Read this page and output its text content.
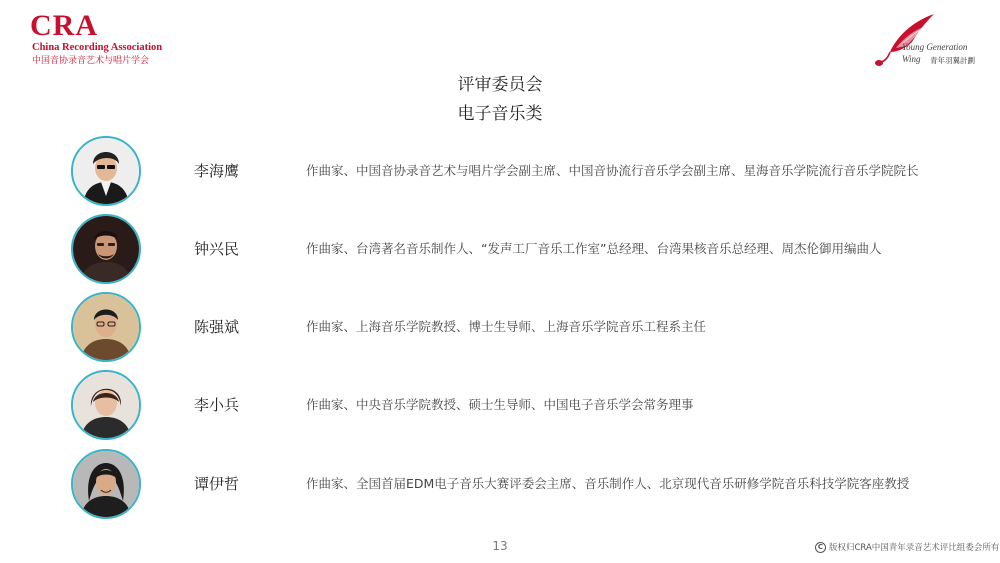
CRA
China Recording Association
中国音协录音艺术与唱片学会
Young Generation
Wing 青年羽翼計劃
评审委员会
电子音乐类
李海鹰	作曲家、中国音协录音艺术与唱片学会副主席、中国音协流行音乐学会副主席、星海音乐学院流行音乐学院院长
钟兴民	作曲家、台湾著名音乐制作人、“发声工厂音乐工作室”总经理、台湾果核音乐总经理、周杰伦御用编曲人
陈强斌	作曲家、上海音乐学院教授、博士生导师、上海音乐学院音乐工程系主任
李小兵	作曲家、中央音乐学院教授、硕士生导师、中国电子音乐学会常务理事
谭伊哲	作曲家、全国首届EDM电子音乐大赛评委会主席、音乐制作人、北京现代音乐研修学院音乐科技学院客座教授
13	C 版权归CRA中国青年录音艺术评比组委会所有
